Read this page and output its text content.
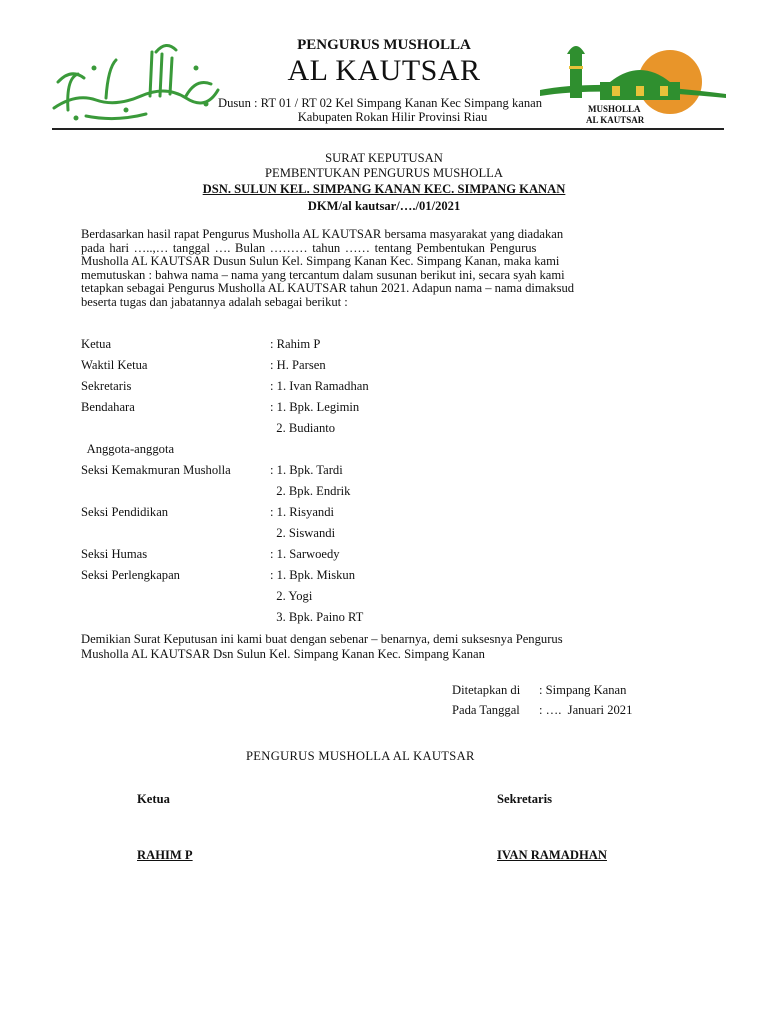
PENGURUS MUSHOLLA
AL KAUTSAR
Dusun : RT 01 / RT 02 Kel Simpang Kanan Kec Simpang kanan
Kabupaten Rokan Hilir Provinsi Riau
MUSHOLLA
AL KAUTSAR
SURAT KEPUTUSAN
PEMBENTUKAN PENGURUS MUSHOLLA
DSN. SULUN KEL. SIMPANG KANAN KEC. SIMPANG KANAN
DKM/al kautsar/…./01/2021
Berdasarkan hasil rapat Pengurus Musholla AL KAUTSAR bersama masyarakat yang diadakan
pada hari …..,… tanggal …. Bulan ……… tahun …… tentang Pembentukan Pengurus
Musholla AL KAUTSAR Dusun Sulun Kel. Simpang Kanan Kec. Simpang Kanan, maka kami
memutuskan : bahwa nama – nama yang tercantum dalam susunan berikut ini, secara syah kami
tetapkan sebagai Pengurus Musholla AL KAUTSAR tahun 2021. Adapun nama – nama dimaksud
beserta tugas dan jabatannya adalah sebagai berikut :
Ketua	: Rahim P
Waktil Ketua	: H. Parsen
Sekretaris	: 1. Ivan Ramadhan
Bendahara	: 1. Bpk. Legimin
2. Budianto
Anggota-anggota
Seksi Kemakmuran Musholla	: 1. Bpk. Tardi
2. Bpk. Endrik
Seksi Pendidikan	: 1. Risyandi
2. Siswandi
Seksi Humas	: 1. Sarwoedy
Seksi Perlengkapan	: 1. Bpk. Miskun
2. Yogi
3. Bpk. Paino RT
Demikian Surat Keputusan ini kami buat dengan sebenar – benarnya, demi suksesnya Pengurus
Musholla AL KAUTSAR Dsn Sulun Kel. Simpang Kanan Kec. Simpang Kanan
Ditetapkan di : Simpang Kanan
Pada Tanggal : ….  Januari 2021
PENGURUS MUSHOLLA AL KAUTSAR
Ketua	Sekretaris
RAHIM P	IVAN RAMADHAN
